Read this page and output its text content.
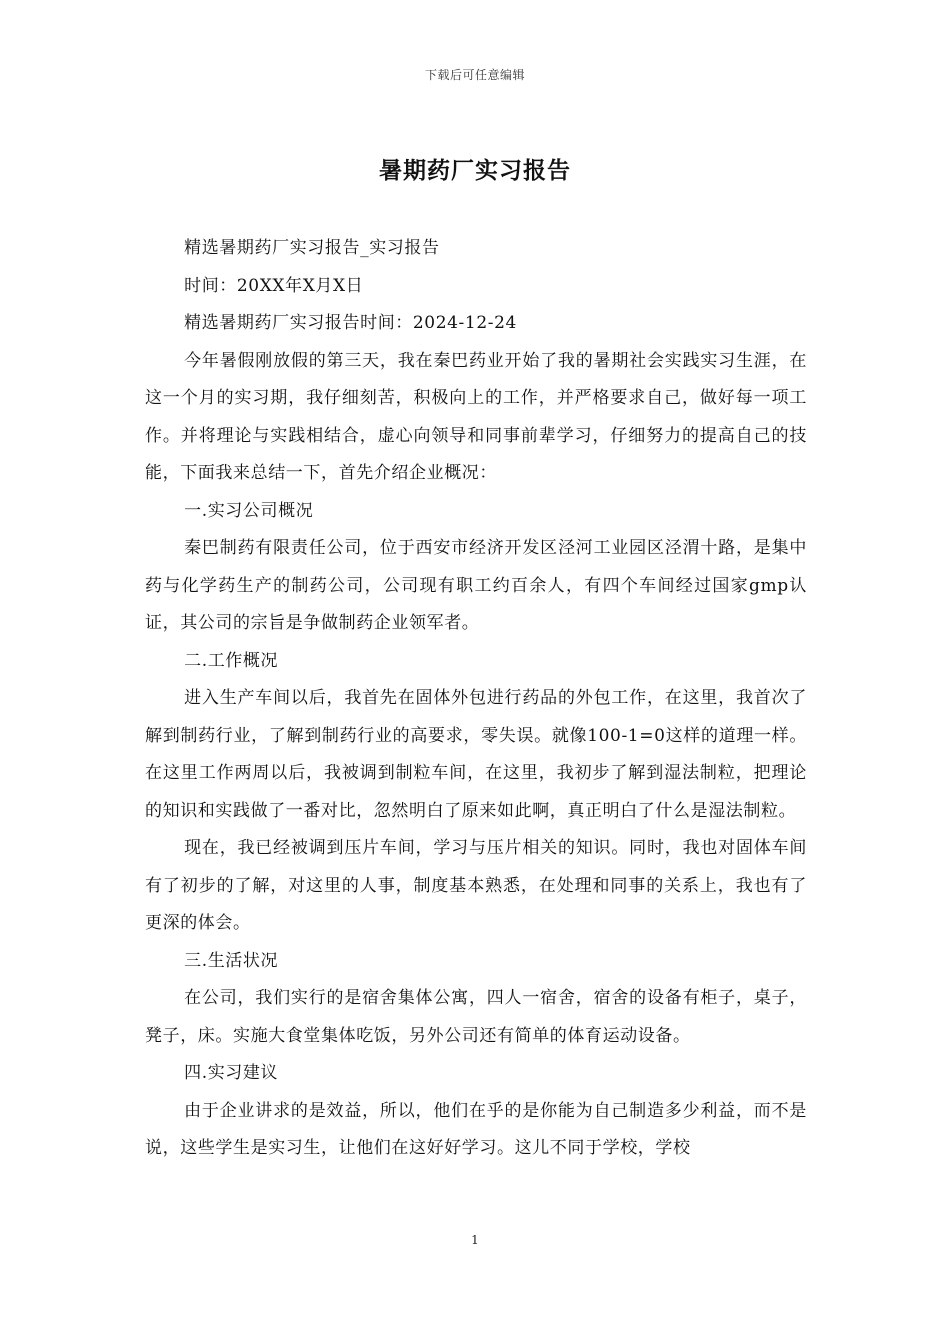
下载后可任意编辑
暑期药厂实习报告

精选暑期药厂实习报告_实习报告

时间：20XX年X月X日

精选暑期药厂实习报告时间：2024-12-24

今年暑假刚放假的第三天，我在秦巴药业开始了我的暑期社会实践实习生涯，在这一个月的实习期，我仔细刻苦，积极向上的工作，并严格要求自己，做好每一项工作。并将理论与实践相结合，虚心向领导和同事前辈学习，仔细努力的提高自己的技能，下面我来总结一下，首先介绍企业概况：

一.实习公司概况

秦巴制药有限责任公司，位于西安市经济开发区泾河工业园区泾渭十路，是集中药与化学药生产的制药公司，公司现有职工约百余人，有四个车间经过国家gmp认证，其公司的宗旨是争做制药企业领军者。

二.工作概况

进入生产车间以后，我首先在固体外包进行药品的外包工作，在这里，我首次了解到制药行业，了解到制药行业的高要求，零失误。就像100-1=0这样的道理一样。在这里工作两周以后，我被调到制粒车间，在这里，我初步了解到湿法制粒，把理论的知识和实践做了一番对比，忽然明白了原来如此啊，真正明白了什么是湿法制粒。

现在，我已经被调到压片车间，学习与压片相关的知识。同时，我也对固体车间有了初步的了解，对这里的人事，制度基本熟悉，在处理和同事的关系上，我也有了更深的体会。

三.生活状况

在公司，我们实行的是宿舍集体公寓，四人一宿舍，宿舍的设备有柜子，桌子，凳子，床。实施大食堂集体吃饭，另外公司还有简单的体育运动设备。

四.实习建议

由于企业讲求的是效益，所以，他们在乎的是你能为自己制造多少利益，而不是说，这些学生是实习生，让他们在这好好学习。这儿不同于学校，学校

1
